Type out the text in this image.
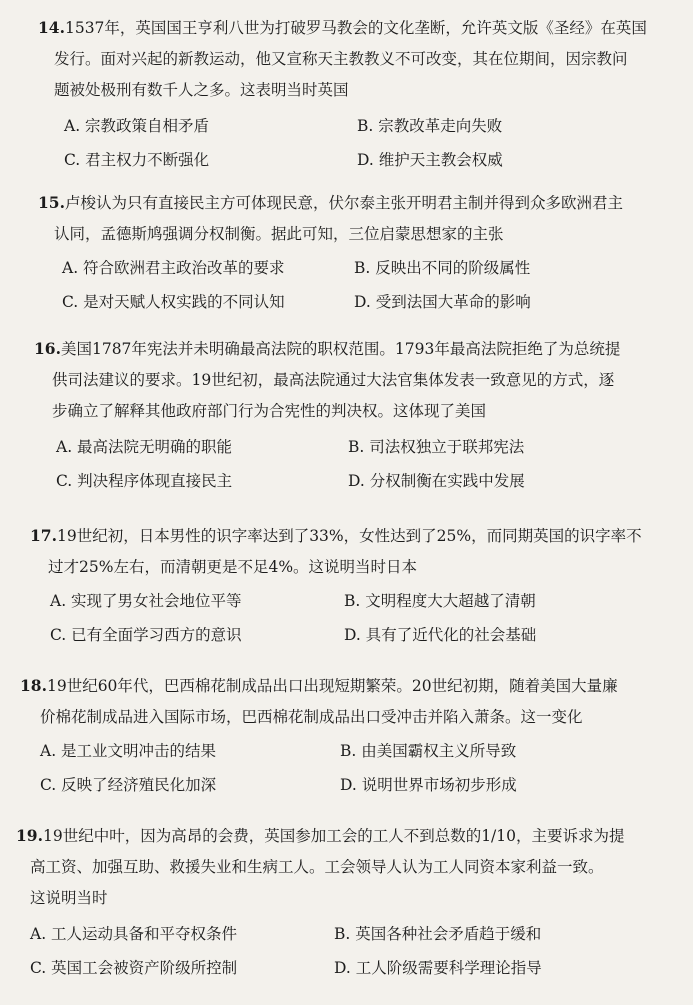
14.1537年，英国国王亨利八世为打破罗马教会的文化垄断，允许英文版《圣经》在英国
发行。面对兴起的新教运动，他又宣称天主教教义不可改变，其在位期间，因宗教问
题被处极刑有数千人之多。这表明当时英国
A. 宗教政策自相矛盾	B. 宗教改革走向失败
C. 君主权力不断强化	D. 维护天主教会权威
15.卢梭认为只有直接民主方可体现民意，伏尔泰主张开明君主制并得到众多欧洲君主
认同，孟德斯鸠强调分权制衡。据此可知，三位启蒙思想家的主张
A. 符合欧洲君主政治改革的要求	B. 反映出不同的阶级属性
C. 是对天赋人权实践的不同认知	D. 受到法国大革命的影响
16.美国1787年宪法并未明确最高法院的职权范围。1793年最高法院拒绝了为总统提
供司法建议的要求。19世纪初，最高法院通过大法官集体发表一致意见的方式，逐
步确立了解释其他政府部门行为合宪性的判决权。这体现了美国
A. 最高法院无明确的职能	B. 司法权独立于联邦宪法
C. 判决程序体现直接民主	D. 分权制衡在实践中发展
17.19世纪初，日本男性的识字率达到了33%，女性达到了25%，而同期英国的识字率不
过才25%左右，而清朝更是不足4%。这说明当时日本
A. 实现了男女社会地位平等	B. 文明程度大大超越了清朝
C. 已有全面学习西方的意识	D. 具有了近代化的社会基础
18.19世纪60年代，巴西棉花制成品出口出现短期繁荣。20世纪初期，随着美国大量廉
价棉花制成品进入国际市场，巴西棉花制成品出口受冲击并陷入萧条。这一变化
A. 是工业文明冲击的结果	B. 由美国霸权主义所导致
C. 反映了经济殖民化加深	D. 说明世界市场初步形成
19.19世纪中叶，因为高昂的会费，英国参加工会的工人不到总数的1/10，主要诉求为提
高工资、加强互助、救援失业和生病工人。工会领导人认为工人同资本家利益一致。
这说明当时
A. 工人运动具备和平夺权条件	B. 英国各种社会矛盾趋于缓和
C. 英国工会被资产阶级所控制	D. 工人阶级需要科学理论指导
